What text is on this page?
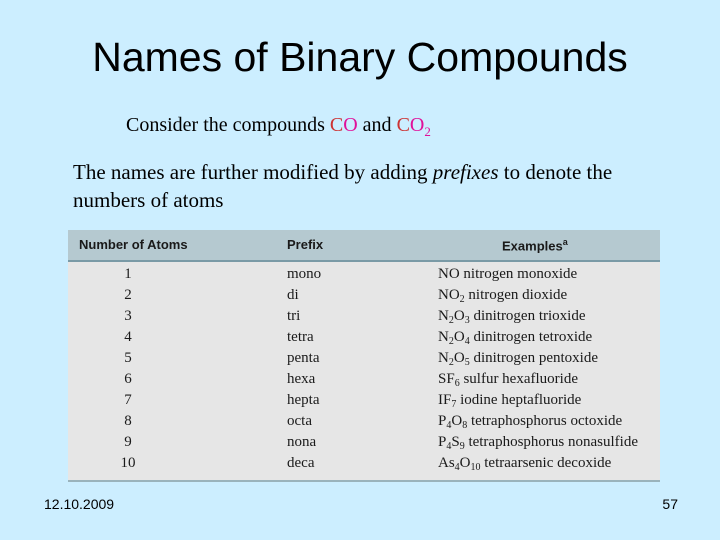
Names of Binary Compounds
Consider the compounds CO and $CO_2$
The names are further modified by adding prefixes to denote the numbers of atoms
Number of Atoms	Prefix	Examples$^a$
1	mono	NO nitrogen monoxide
2	di	$NO_2$ nitrogen dioxide
3	tri	$N_2O_3$ dinitrogen trioxide
4	tetra	$N_2O_4$ dinitrogen tetroxide
5	penta	$N_2O_5$ dinitrogen pentoxide
6	hexa	$SF_6$ sulfur hexafluoride
7	hepta	$IF_7$ iodine heptafluoride
8	octa	$P_4O_8$ tetraphosphorus octoxide
9	nona	$P_4S_9$ tetraphosphorus nonasulfide
10	deca	$As_4O_{10}$ tetraarsenic decoxide
12.10.2009	57
